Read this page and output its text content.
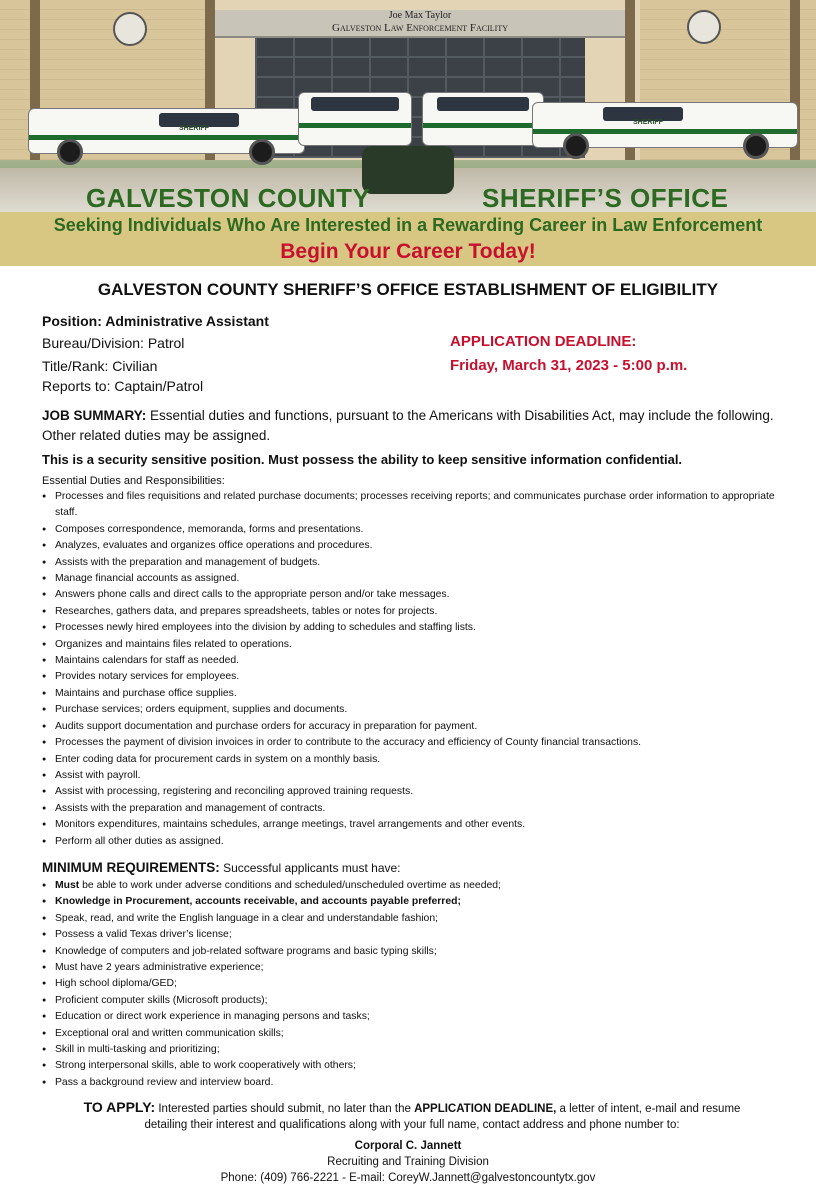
Joe Max Taylor
Galveston Law Enforcement Facility
SHERIFF
SHERIFF
GALVESTON COUNTY	SHERIFF’S OFFICE
Seeking Individuals Who Are Interested in a Rewarding Career in Law Enforcement
Begin Your Career Today!
GALVESTON COUNTY SHERIFF’S OFFICE ESTABLISHMENT OF ELIGIBILITY
Position: Administrative Assistant
Bureau/Division: Patrol
Title/Rank: Civilian
Reports to: Captain/Patrol
APPLICATION DEADLINE:
Friday, March 31, 2023 - 5:00 p.m.
JOB SUMMARY: Essential duties and functions, pursuant to the Americans with Disabilities Act, may include the following. Other related duties may be assigned.
This is a security sensitive position. Must possess the ability to keep sensitive information confidential.
Essential Duties and Responsibilities:
● Processes and files requisitions and related purchase documents; processes receiving reports; and communicates purchase order information to appropriate staff.
● Composes correspondence, memoranda, forms and presentations.
● Analyzes, evaluates and organizes office operations and procedures.
● Assists with the preparation and management of budgets.
● Manage financial accounts as assigned.
● Answers phone calls and direct calls to the appropriate person and/or take messages.
● Researches, gathers data, and prepares spreadsheets, tables or notes for projects.
● Processes newly hired employees into the division by adding to schedules and staffing lists.
● Organizes and maintains files related to operations.
● Maintains calendars for staff as needed.
● Provides notary services for employees.
● Maintains and purchase office supplies.
● Purchase services; orders equipment, supplies and documents.
● Audits support documentation and purchase orders for accuracy in preparation for payment.
● Processes the payment of division invoices in order to contribute to the accuracy and efficiency of County financial transactions.
● Enter coding data for procurement cards in system on a monthly basis.
● Assist with payroll.
● Assist with processing, registering and reconciling approved training requests.
● Assists with the preparation and management of contracts.
● Monitors expenditures, maintains schedules, arrange meetings, travel arrangements and other events.
● Perform all other duties as assigned.
MINIMUM REQUIREMENTS: Successful applicants must have:
● Must be able to work under adverse conditions and scheduled/unscheduled overtime as needed;
● Knowledge in Procurement, accounts receivable, and accounts payable preferred;
● Speak, read, and write the English language in a clear and understandable fashion;
● Possess a valid Texas driver’s license;
● Knowledge of computers and job-related software programs and basic typing skills;
● Must have 2 years administrative experience;
● High school diploma/GED;
● Proficient computer skills (Microsoft products);
● Education or direct work experience in managing persons and tasks;
● Exceptional oral and written communication skills;
● Skill in multi-tasking and prioritizing;
● Strong interpersonal skills, able to work cooperatively with others;
● Pass a background review and interview board.
TO APPLY: Interested parties should submit, no later than the APPLICATION DEADLINE, a letter of intent, e-mail and resume detailing their interest and qualifications along with your full name, contact address and phone number to:
Corporal C. Jannett
Recruiting and Training Division
Phone: (409) 766-2221 - E-mail: CoreyW.Jannett@galvestoncountytx.gov
